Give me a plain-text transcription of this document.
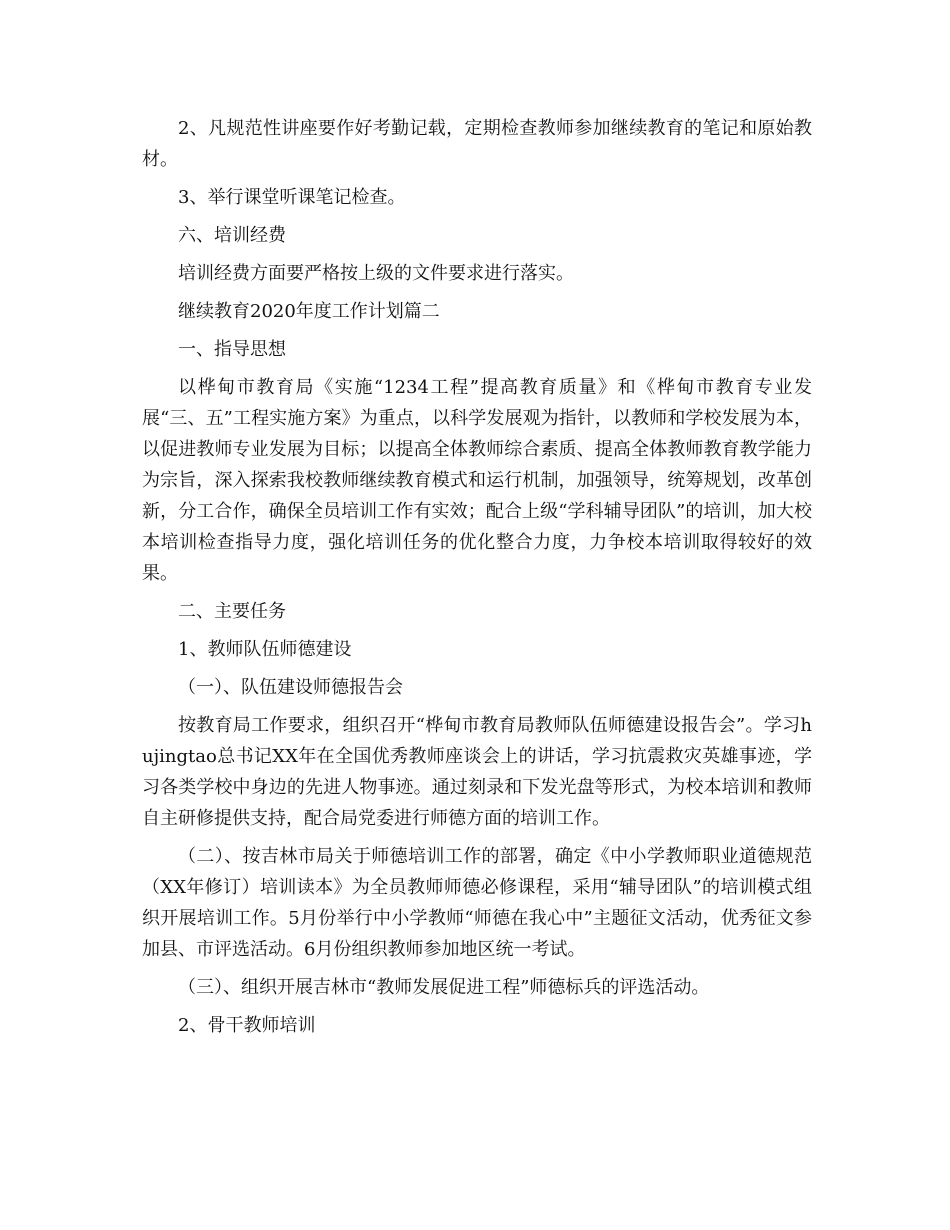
2、凡规范性讲座要作好考勤记载，定期检查教师参加继续教育的笔记和原始教材。

3、举行课堂听课笔记检查。

六、培训经费

培训经费方面要严格按上级的文件要求进行落实。

继续教育2020年度工作计划篇二

一、指导思想

以桦甸市教育局《实施“1234工程”提高教育质量》和《桦甸市教育专业发展“三、五”工程实施方案》为重点，以科学发展观为指针，以教师和学校发展为本，以促进教师专业发展为目标；以提高全体教师综合素质、提高全体教师教育教学能力为宗旨，深入探索我校教师继续教育模式和运行机制，加强领导，统筹规划，改革创新，分工合作，确保全员培训工作有实效；配合上级“学科辅导团队”的培训，加大校本培训检查指导力度，强化培训任务的优化整合力度，力争校本培训取得较好的效果。

二、主要任务

1、教师队伍师德建设

（一）、队伍建设师德报告会

按教育局工作要求，组织召开“桦甸市教育局教师队伍师德建设报告会”。学习hujingtao总书记XX年在全国优秀教师座谈会上的讲话，学习抗震救灾英雄事迹，学习各类学校中身边的先进人物事迹。通过刻录和下发光盘等形式，为校本培训和教师自主研修提供支持，配合局党委进行师德方面的培训工作。

（二）、按吉林市局关于师德培训工作的部署，确定《中小学教师职业道德规范（XX年修订）培训读本》为全员教师师德必修课程，采用“辅导团队”的培训模式组织开展培训工作。5月份举行中小学教师“师德在我心中”主题征文活动，优秀征文参加县、市评选活动。6月份组织教师参加地区统一考试。

（三）、组织开展吉林市“教师发展促进工程”师德标兵的评选活动。

2、骨干教师培训
